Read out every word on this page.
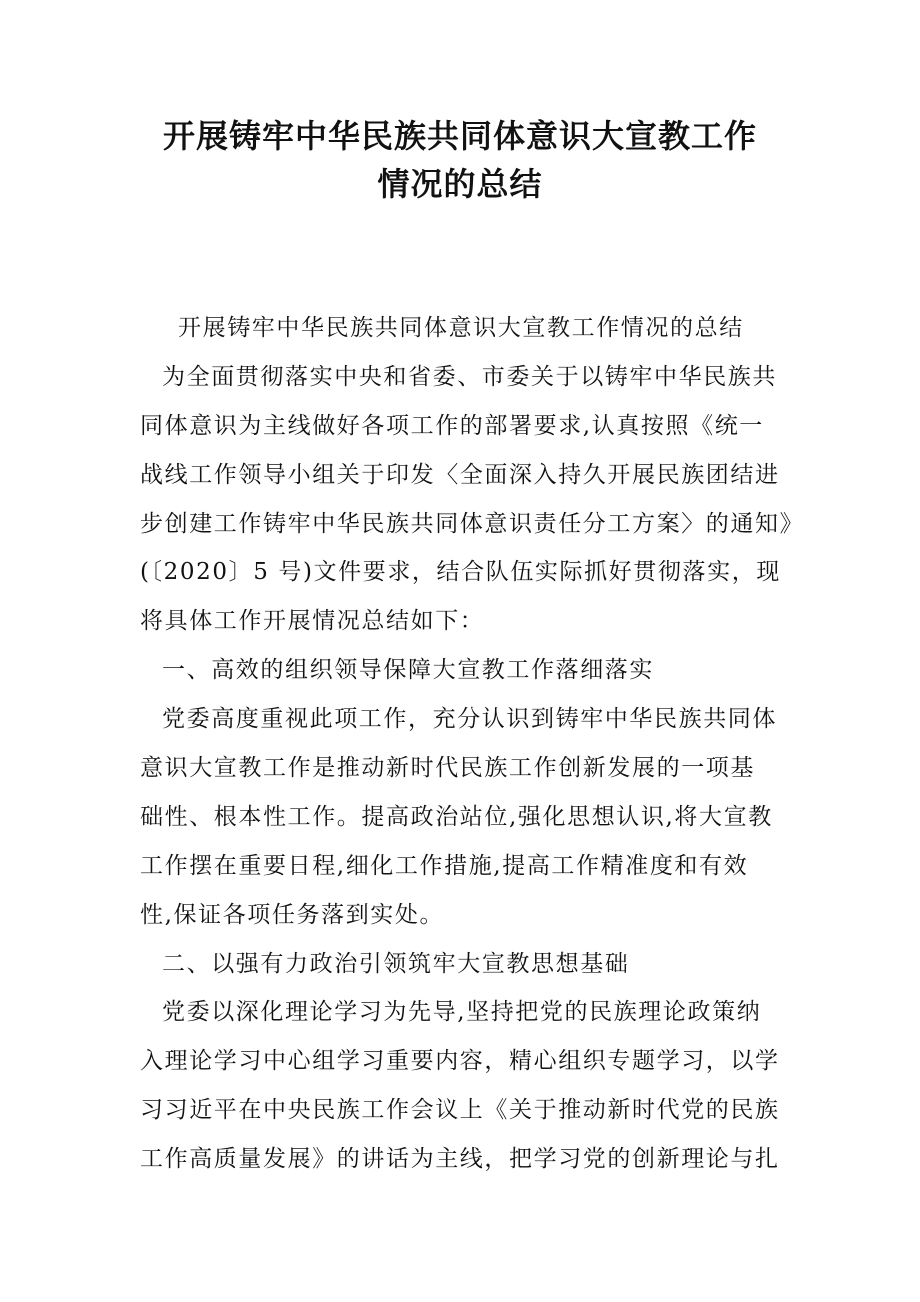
开展铸牢中华民族共同体意识大宣教工作
情况的总结
开展铸牢中华民族共同体意识大宣教工作情况的总结
为全面贯彻落实中央和省委、市委关于以铸牢中华民族共
同体意识为主线做好各项工作的部署要求,认真按照《统一
战线工作领导小组关于印发〈全面深入持久开展民族团结进
步创建工作铸牢中华民族共同体意识责任分工方案〉的通知》
(〔2020〕5 号)文件要求，结合队伍实际抓好贯彻落实，现
将具体工作开展情况总结如下：
一、高效的组织领导保障大宣教工作落细落实
党委高度重视此项工作，充分认识到铸牢中华民族共同体
意识大宣教工作是推动新时代民族工作创新发展的一项基
础性、根本性工作。提高政治站位,强化思想认识,将大宣教
工作摆在重要日程,细化工作措施,提高工作精准度和有效
性,保证各项任务落到实处。
二、以强有力政治引领筑牢大宣教思想基础
党委以深化理论学习为先导,坚持把党的民族理论政策纳
入理论学习中心组学习重要内容，精心组织专题学习，以学
习习近平在中央民族工作会议上《关于推动新时代党的民族
工作高质量发展》的讲话为主线，把学习党的创新理论与扎
